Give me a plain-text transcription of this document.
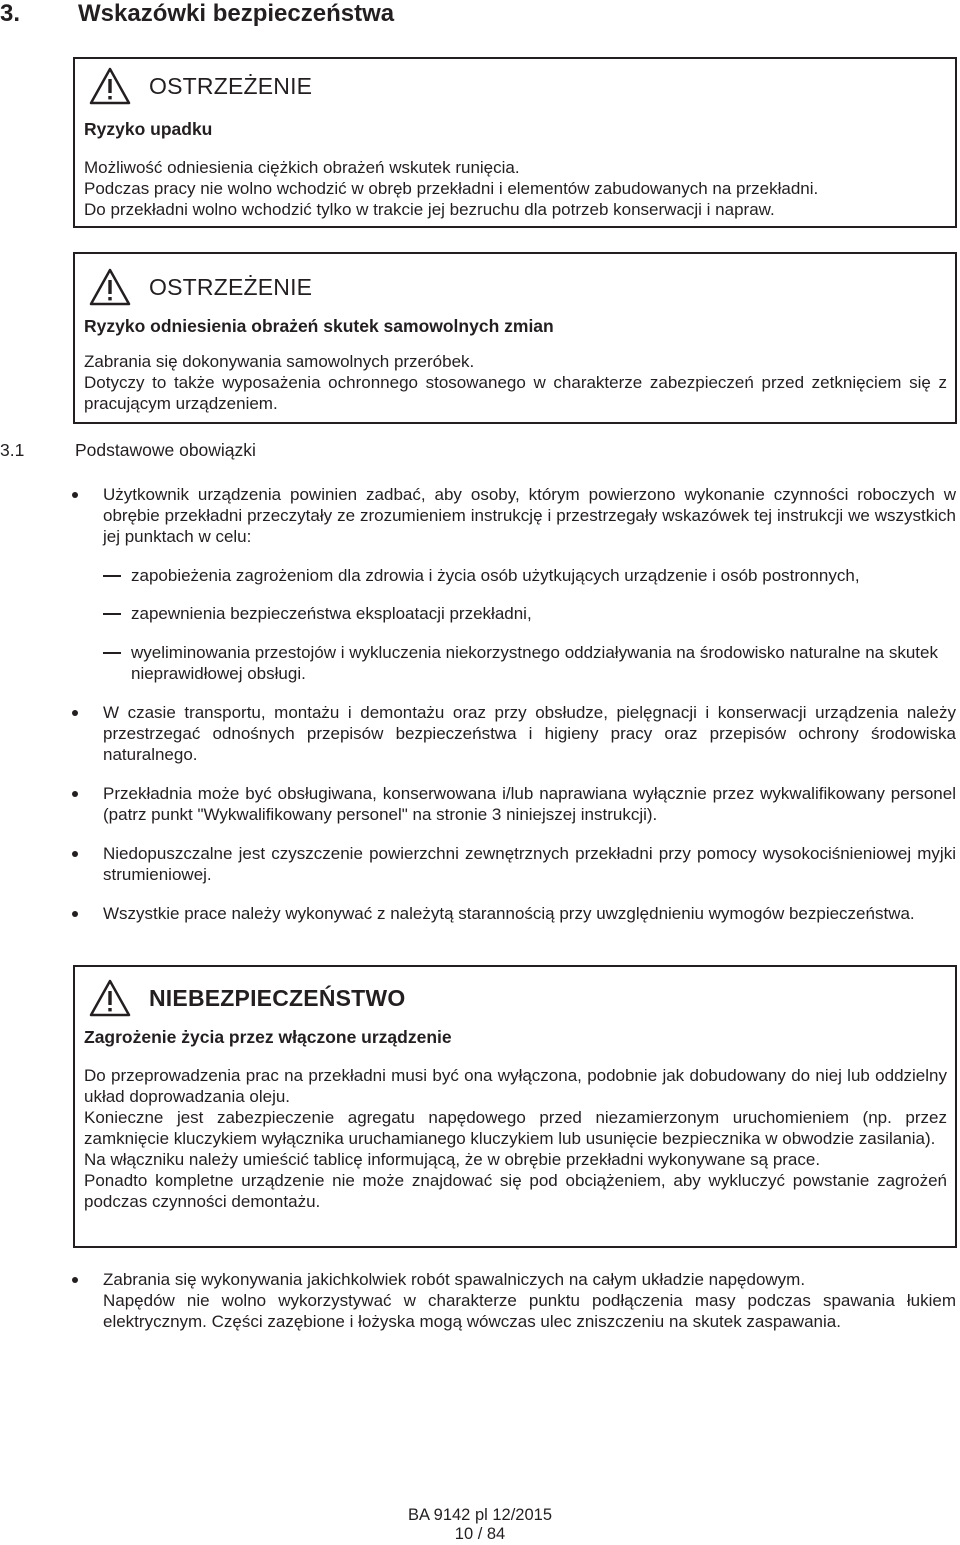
3. Wskazówki bezpieczeństwa
OSTRZEŻENIE
Ryzyko upadku

Możliwość odniesienia ciężkich obrażeń wskutek runięcia.

Podczas pracy nie wolno wchodzić w obręb przekładni i elementów zabudowanych na przekładni.

Do przekładni wolno wchodzić tylko w trakcie jej bezruchu dla potrzeb konserwacji i napraw.

OSTRZEŻENIE
Ryzyko odniesienia obrażeń skutek samowolnych zmian

Zabrania się dokonywania samowolnych przeróbek.

Dotyczy to także wyposażenia ochronnego stosowanego w charakterze zabezpieczeń przed zetknięciem się z pracującym urządzeniem.

3.1	Podstawowe obowiązki
Użytkownik urządzenia powinien zadbać, aby osoby, którym powierzono wykonanie czynności roboczych w obrębie przekładni przeczytały ze zrozumieniem instrukcję i przestrzegały wskazówek tej instrukcji we wszystkich jej punktach w celu:
zapobieżenia zagrożeniom dla zdrowia i życia osób użytkujących urządzenie i osób postronnych,
zapewnienia bezpieczeństwa eksploatacji przekładni,
wyeliminowania przestojów i wykluczenia niekorzystnego oddziaływania na środowisko naturalne na skutek nieprawidłowej obsługi.
W czasie transportu, montażu i demontażu oraz przy obsłudze, pielęgnacji i konserwacji urządzenia należy przestrzegać odnośnych przepisów bezpieczeństwa i higieny pracy oraz przepisów ochrony środowiska naturalnego.
Przekładnia może być obsługiwana, konserwowana i/lub naprawiana wyłącznie przez wykwalifikowany personel (patrz punkt "Wykwalifikowany personel" na stronie 3 niniejszej instrukcji).
Niedopuszczalne jest czyszczenie powierzchni zewnętrznych przekładni przy pomocy wysokociśnieniowej myjki strumieniowej.
Wszystkie prace należy wykonywać z należytą starannością przy uwzględnieniu wymogów bezpieczeństwa.
NIEBEZPIECZEŃSTWO
Zagrożenie życia przez włączone urządzenie

Do przeprowadzenia prac na przekładni musi być ona wyłączona, podobnie jak dobudowany do niej lub oddzielny układ doprowadzania oleju.

Konieczne jest zabezpieczenie agregatu napędowego przed niezamierzonym uruchomieniem (np. przez zamknięcie kluczykiem wyłącznika uruchamianego kluczykiem lub usunięcie bezpiecznika w obwodzie zasilania).

Na włączniku należy umieścić tablicę informującą, że w obrębie przekładni wykonywane są prace.

Ponadto kompletne urządzenie nie może znajdować się pod obciążeniem, aby wykluczyć powstanie zagrożeń podczas czynności demontażu.

Zabrania się wykonywania jakichkolwiek robót spawalniczych na całym układzie napędowym.

Napędów nie wolno wykorzystywać w charakterze punktu podłączenia masy podczas spawania łukiem elektrycznym. Części zazębione i łożyska mogą wówczas ulec zniszczeniu na skutek zaspawania.

BA 9142 pl 12/2015
10 / 84
